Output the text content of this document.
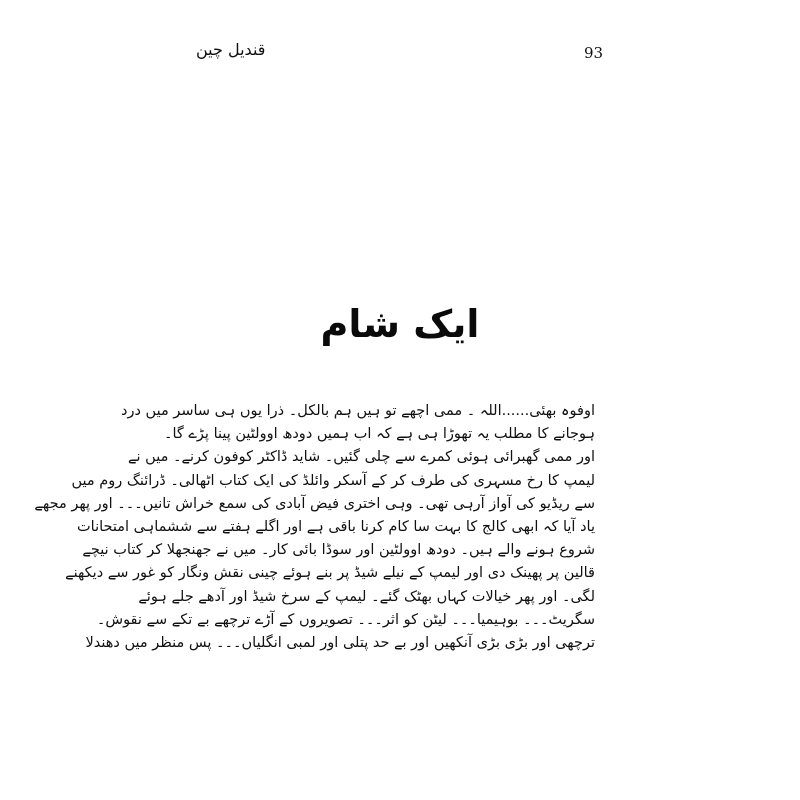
93
قندیل چین
ایک شام
اوفوہ بھئی......اللہ ۔ ممی اچھے تو ہیں ہم بالکل۔ ذرا یوں ہی ساسر میں درد
ہوجانے کا مطلب یہ تھوڑا ہی ہے کہ اب ہمیں دودھ اوولٹین پینا پڑے گا۔
اور ممی گھبرائی ہوئی کمرے سے چلی گئیں۔ شاید ڈاکٹر کوفون کرنے۔ میں نے
لیمپ کا رخ مسہری کی طرف کر کے آسکر وائلڈ کی ایک کتاب اٹھالی۔ ڈرائنگ روم میں
سے ریڈیو کی آواز آرہی تھی۔ وہی اختری فیض آبادی کی سمع خراش تانیں۔۔۔ اور پھر مجھے
یاد آیا کہ ابھی کالج کا بہت سا کام کرنا باقی ہے اور اگلے ہفتے سے ششماہی امتحانات
شروع ہونے والے ہیں۔ دودھ اوولٹین اور سوڈا بائی کار۔ میں نے جھنجھلا کر کتاب نیچے
قالین پر پھینک دی اور لیمپ کے نیلے شیڈ پر بنے ہوئے چینی نقش ونگار کو غور سے دیکھنے
لگی۔ اور پھر خیالات کہاں بھٹک گئے۔ لیمپ کے سرخ شیڈ اور آدھے جلے ہوئے
سگریٹ۔۔۔ بوہیمیا۔۔۔ لیٹن کو اثر۔۔۔ تصویروں کے آڑے ترچھے بے تکے سے نقوش۔
ترچھی اور بڑی بڑی آنکھیں اور بے حد پتلی اور لمبی انگلیاں۔۔۔ پس منظر میں دھندلا
